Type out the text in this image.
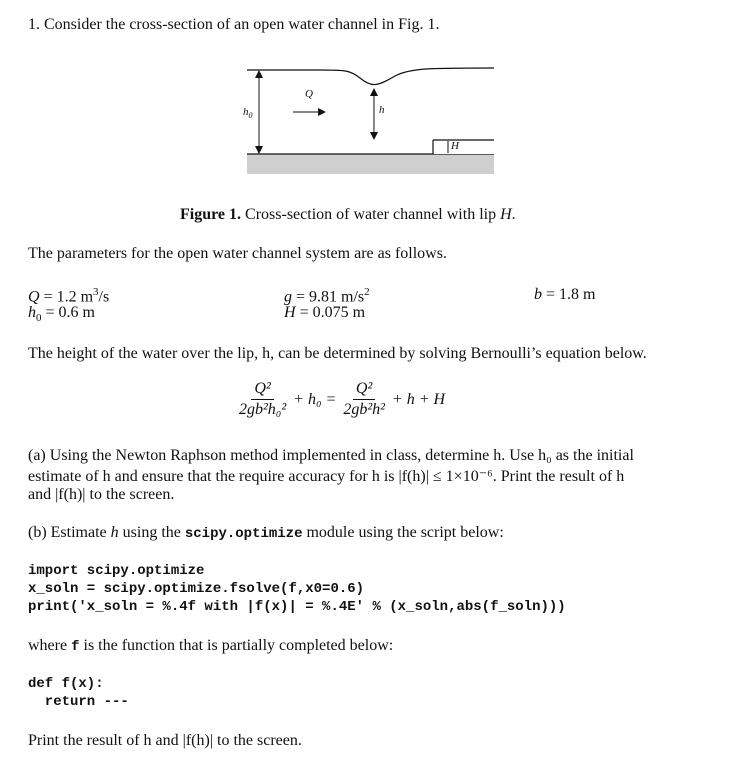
1. Consider the cross-section of an open water channel in Fig. 1.
$h_0$
Q
h
H
Figure 1. Cross-section of water channel with lip H.
The parameters for the open water channel system are as follows.
Q = 1.2 $m^3/s$
$h_0 = 0.6$ m
g = 9.81 $m/s^2$
H = 0.075 m
b = 1.8 m
The height of the water over the lip, h, can be determined by solving Bernoulli’s equation below.
$\frac{\text{Q²}}{\text{2gb²h₀²}} + h_0 = \frac{\text{Q²}}{\text{2gb²h²}} + h + H$
(a) Using the Newton Raphson method implemented in class, determine h. Use h₀ as the initial
estimate of h and ensure that the require accuracy for h is |f(h)| ≤ 1×10⁻⁶. Print the result of h
and |f(h)| to the screen.
(b) Estimate h using the scipy.optimize module using the script below:
import scipy.optimize
x_soln = scipy.optimize.fsolve(f,x0=0.6)
print('x_soln = %.4f with |f(x)| = %.4E' % (x_soln,abs(f_soln)))
where f is the function that is partially completed below:
def f(x):
return ---
Print the result of h and |f(h)| to the screen.
